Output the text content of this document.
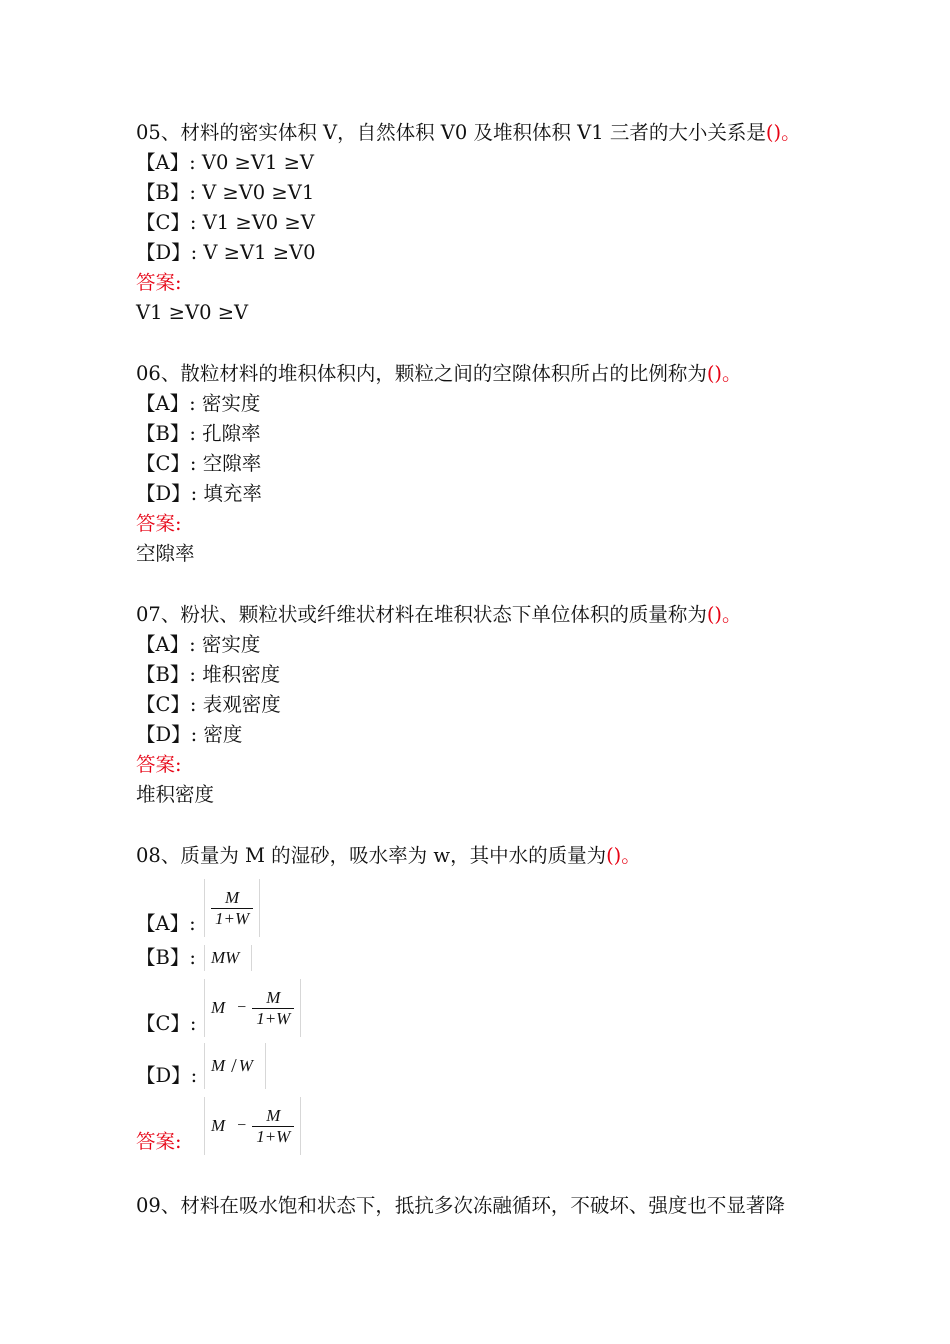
05、材料的密实体积 V，自然体积 V0 及堆积体积 V1 三者的大小关系是()。
【A】: V0 ≥V1 ≥V
【B】: V ≥V0 ≥V1
【C】: V1 ≥V0 ≥V
【D】: V ≥V1 ≥V0
答案:
V1 ≥V0 ≥V
06、散粒材料的堆积体积内，颗粒之间的空隙体积所占的比例称为()。
【A】: 密实度
【B】: 孔隙率
【C】: 空隙率
【D】: 填充率
答案:
空隙率
07、粉状、颗粒状或纤维状材料在堆积状态下单位体积的质量称为()。
【A】: 密实度
【B】: 堆积密度
【C】: 表观密度
【D】: 密度
答案:
堆积密度
08、质量为 M 的湿砂，吸水率为 w，其中水的质量为()。
【A】: $\frac{M}{1+W}$
【B】: MW
【C】:
$M - \frac{M}{1+W}$
【D】: M / W
答案:
$M - \frac{M}{1+W}$
09、材料在吸水饱和状态下，抵抗多次冻融循环，不破坏、强度也不显著降
